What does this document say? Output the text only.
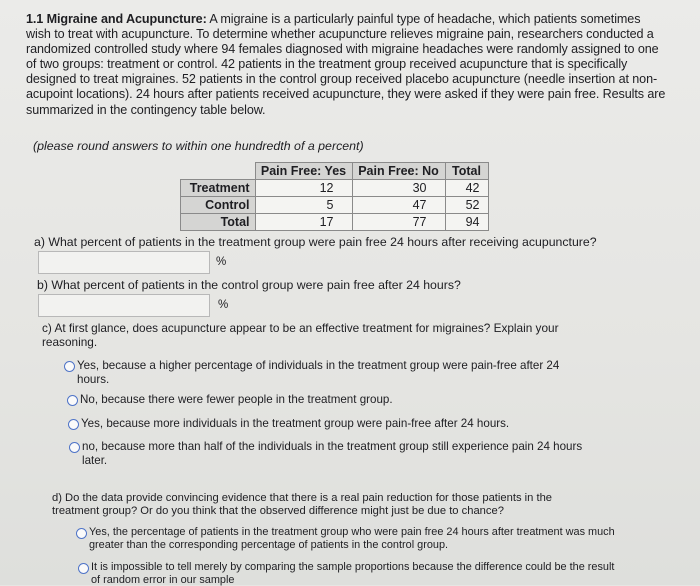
1.1 Migraine and Acupuncture: A migraine is a particularly painful type of headache, which patients sometimes wish to treat with acupuncture. To determine whether acupuncture relieves migraine pain, researchers conducted a randomized controlled study where 94 females diagnosed with migraine headaches were randomly assigned to one of two groups: treatment or control. 42 patients in the treatment group received acupuncture that is specifically designed to treat migraines. 52 patients in the control group received placebo acupuncture (needle insertion at non-acupoint locations). 24 hours after patients received acupuncture, they were asked if they were pain free. Results are summarized in the contingency table below.
(please round answers to within one hundredth of a percent)
	Pain Free: Yes	Pain Free: No	Total
Treatment	12	30	42
Control	5	47	52
Total	17	77	94
a) What percent of patients in the treatment group were pain free 24 hours after receiving acupuncture?
%
b) What percent of patients in the control group were pain free after 24 hours?
%
c) At first glance, does acupuncture appear to be an effective treatment for migraines? Explain your reasoning.
Yes, because a higher percentage of individuals in the treatment group were pain-free after 24 hours.
No, because there were fewer people in the treatment group.
Yes, because more individuals in the treatment group were pain-free after 24 hours.
no, because more than half of the individuals in the treatment group still experience pain 24 hours later.
d) Do the data provide convincing evidence that there is a real pain reduction for those patients in the treatment group? Or do you think that the observed difference might just be due to chance?
Yes, the percentage of patients in the treatment group who were pain free 24 hours after treatment was much greater than the corresponding percentage of patients in the control group.
It is impossible to tell merely by comparing the sample proportions because the difference could be the result of random error in our sample
